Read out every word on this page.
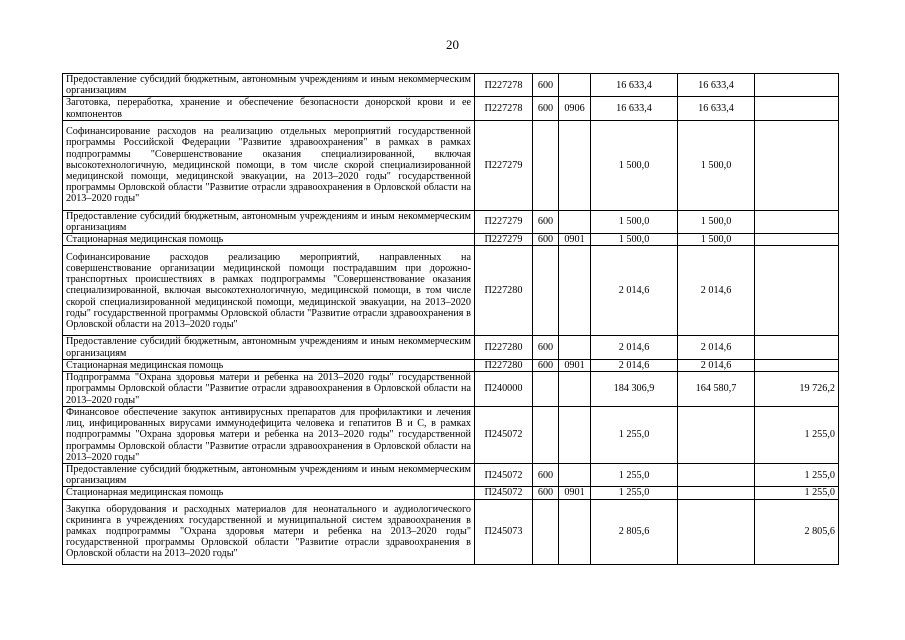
20
Предоставление субсидий бюджетным, автономным учреждениям и иным некоммерческим организациям	П227278	600		16 633,4	16 633,4	
Заготовка, переработка, хранение и обеспечение безопасности донорской крови и ее компонентов	П227278	600	0906	16 633,4	16 633,4	
Софинансирование расходов на реализацию отдельных мероприятий государственной программы Российской Федерации "Развитие здравоохранения" в рамках в рамках подпрограммы "Совершенствование оказания специализированной, включая высокотехнологичную, медицинской помощи, в том числе скорой специализированной медицинской помощи, медицинской эвакуации, на 2013–2020 годы" государственной программы Орловской области "Развитие отрасли здравоохранения в Орловской области на 2013–2020 годы"	П227279			1 500,0	1 500,0	
Предоставление субсидий бюджетным, автономным учреждениям и иным некоммерческим организациям	П227279	600		1 500,0	1 500,0	
Стационарная медицинская помощь	П227279	600	0901	1 500,0	1 500,0	
Софинансирование расходов реализацию мероприятий, направленных на совершенствование организации медицинской помощи пострадавшим при дорожно-транспортных происшествиях в рамках подпрограммы "Совершенствование оказания специализированной, включая высокотехнологичную, медицинской помощи, в том числе скорой специализированной медицинской помощи, медицинской эвакуации, на 2013–2020 годы" государственной программы Орловской области "Развитие отрасли здравоохранения в Орловской области на 2013–2020 годы"	П227280			2 014,6	2 014,6	
Предоставление субсидий бюджетным, автономным учреждениям и иным некоммерческим организациям	П227280	600		2 014,6	2 014,6	
Стационарная медицинская помощь	П227280	600	0901	2 014,6	2 014,6	
Подпрограмма "Охрана здоровья матери и ребенка на 2013–2020 годы" государственной программы Орловской области "Развитие отрасли здравоохранения в Орловской области на 2013–2020 годы"	П240000			184 306,9	164 580,7	19 726,2
Финансовое обеспечение закупок антивирусных препаратов для профилактики и лечения лиц, инфицированных вирусами иммунодефицита человека и гепатитов В и С, в рамках подпрограммы "Охрана здоровья матери и ребенка на 2013–2020 годы" государственной программы Орловской области "Развитие отрасли здравоохранения в Орловской области на 2013–2020 годы"	П245072			1 255,0		1 255,0
Предоставление субсидий бюджетным, автономным учреждениям и иным некоммерческим организациям	П245072	600		1 255,0		1 255,0
Стационарная медицинская помощь	П245072	600	0901	1 255,0		1 255,0
Закупка оборудования и расходных материалов для неонатального и аудиологического скрининга в учреждениях государственной и муниципальной систем здравоохранения в рамках подпрограммы "Охрана здоровья матери и ребенка на 2013–2020 годы" государственной программы Орловской области "Развитие отрасли здравоохранения в Орловской области на 2013–2020 годы"	П245073			2 805,6		2 805,6
